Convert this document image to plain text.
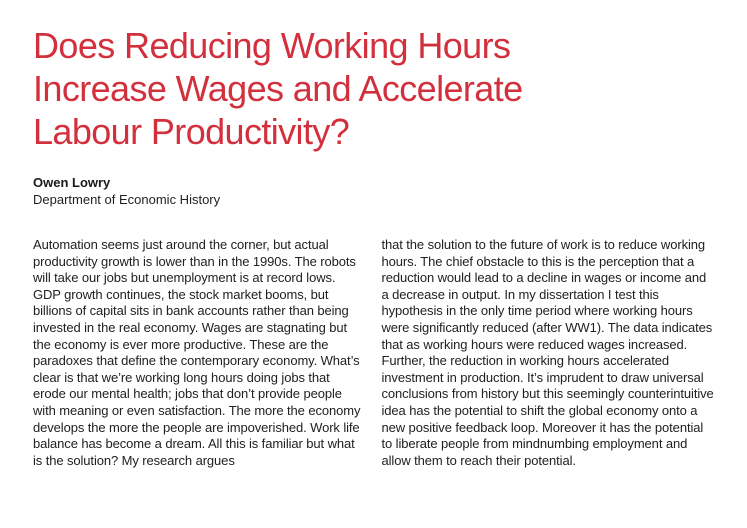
Does Reducing Working Hours
Increase Wages and Accelerate
Labour Productivity?
Owen Lowry
Department of Economic History

Automation seems just around the corner, but actual productivity growth is lower than in the 1990s. The robots will take our jobs but unemployment is at record lows. GDP growth continues, the stock market booms, but billions of capital sits in bank accounts rather than being invested in the real economy. Wages are stagnating but the economy is ever more productive. These are the paradoxes that define the contemporary economy. What’s clear is that we’re working long hours doing jobs that erode our mental health; jobs that don’t provide people with meaning or even satisfaction. The more the economy develops the more the people are impoverished. Work life balance has become a dream. All this is familiar but what is the solution? My research argues

that the solution to the future of work is to reduce working hours. The chief obstacle to this is the perception that a reduction would lead to a decline in wages or income and a decrease in output. In my dissertation I test this hypothesis in the only time period where working hours were significantly reduced (after WW1). The data indicates that as working hours were reduced wages increased. Further, the reduction in working hours accelerated investment in production. It’s imprudent to draw universal conclusions from history but this seemingly counterintuitive idea has the potential to shift the global economy onto a new positive feedback loop. Moreover it has the potential to liberate people from mindnumbing employment and allow them to reach their potential.
